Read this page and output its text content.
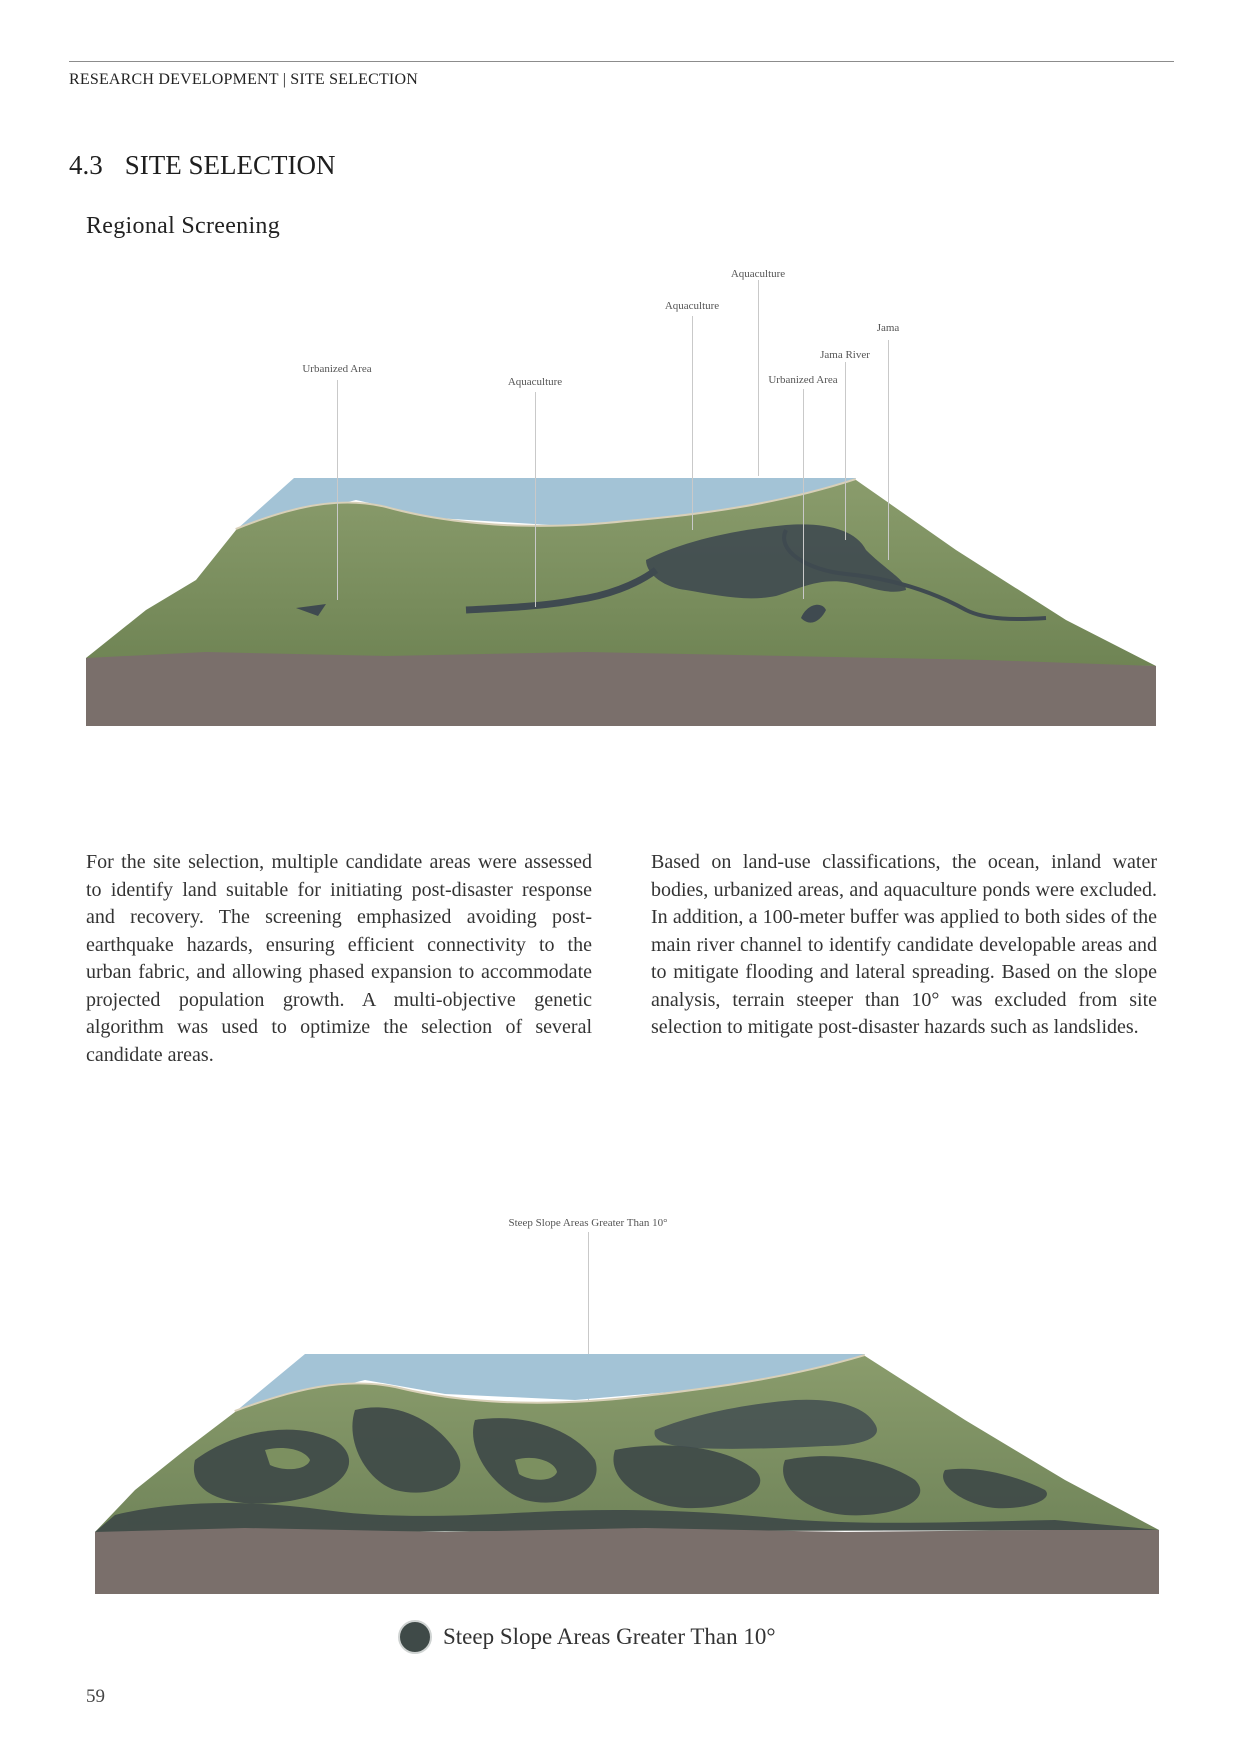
RESEARCH DEVELOPMENT | SITE SELECTION
4.3 SITE SELECTION
Regional Screening
Aquaculture
Aquaculture
Jama
Jama River
Urbanized Area
Aquaculture	Urbanized Area

For the site selection, multiple candidate areas were assessed to identify land suitable for initiating post-disaster response and recovery. The screening emphasized avoiding post-earthquake hazards, ensuring efficient connectivity to the urban fabric, and allowing phased expansion to accommodate projected population growth. A multi-objective genetic algorithm was used to optimize the selection of several candidate areas.

Based on land-use classifications, the ocean, inland water bodies, urbanized areas, and aquaculture ponds were excluded. In addition, a 100-meter buffer was applied to both sides of the main river channel to identify candidate developable areas and to mitigate flooding and lateral spreading. Based on the slope analysis, terrain steeper than 10° was excluded from site selection to mitigate post-disaster hazards such as landslides.

Steep Slope Areas Greater Than 10°
Steep Slope Areas Greater Than 10°
59
